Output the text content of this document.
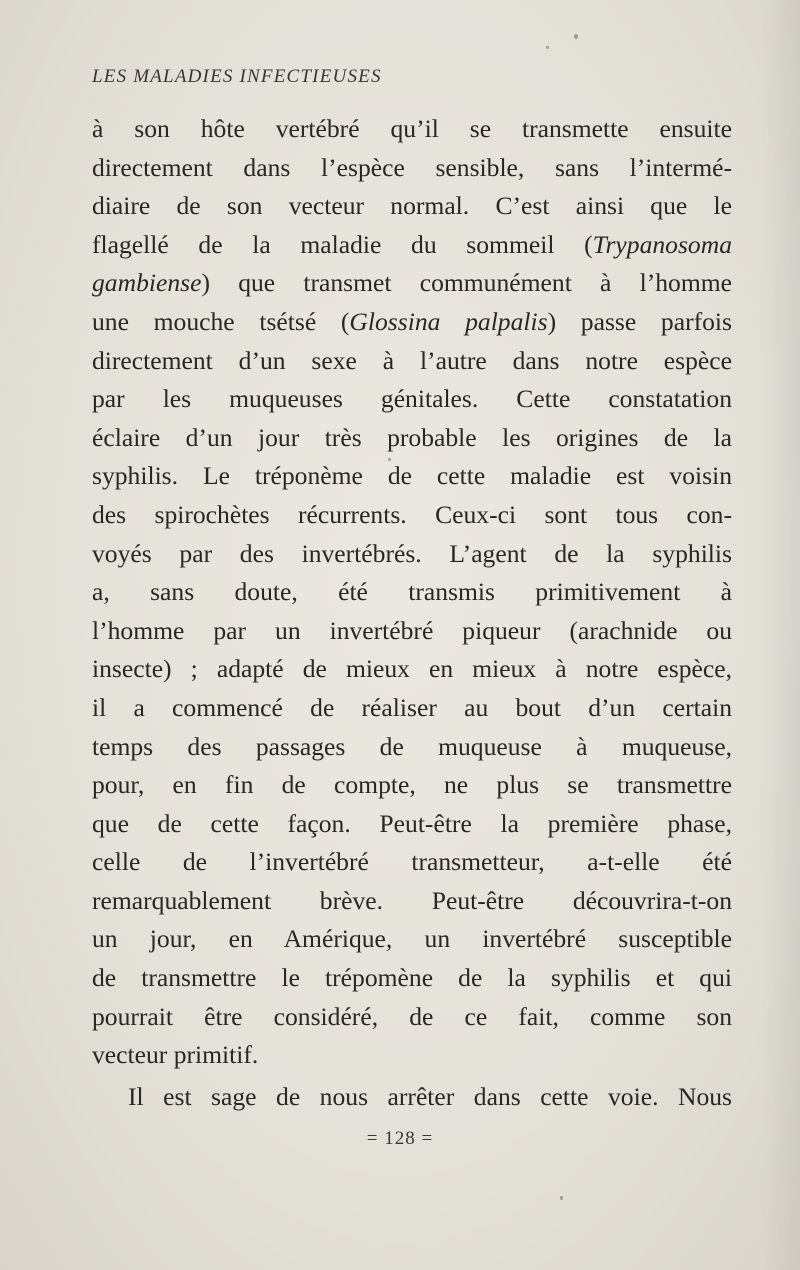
LES MALADIES INFECTIEUSES
à son hôte vertébré qu’il se transmette ensuite
directement dans l’espèce sensible, sans l’intermé-
diaire de son vecteur normal. C’est ainsi que le
flagellé de la maladie du sommeil (Trypanosoma
gambiense) que transmet communément à l’homme
une mouche tsétsé (Glossina palpalis) passe parfois
directement d’un sexe à l’autre dans notre espèce
par les muqueuses génitales. Cette constatation
éclaire d’un jour très probable les origines de la
syphilis. Le tréponème de cette maladie est voisin
des spirochètes récurrents. Ceux-ci sont tous con-
voyés par des invertébrés. L’agent de la syphilis
a, sans doute, été transmis primitivement à
l’homme par un invertébré piqueur (arachnide ou
insecte) ; adapté de mieux en mieux à notre espèce,
il a commencé de réaliser au bout d’un certain
temps des passages de muqueuse à muqueuse,
pour, en fin de compte, ne plus se transmettre
que de cette façon. Peut-être la première phase,
celle de l’invertébré transmetteur, a-t-elle été
remarquablement brève. Peut-être découvrira-t-on
un jour, en Amérique, un invertébré susceptible
de transmettre le trépomène de la syphilis et qui
pourrait être considéré, de ce fait, comme son
vecteur primitif.
Il est sage de nous arrêter dans cette voie. Nous
= 128 =
